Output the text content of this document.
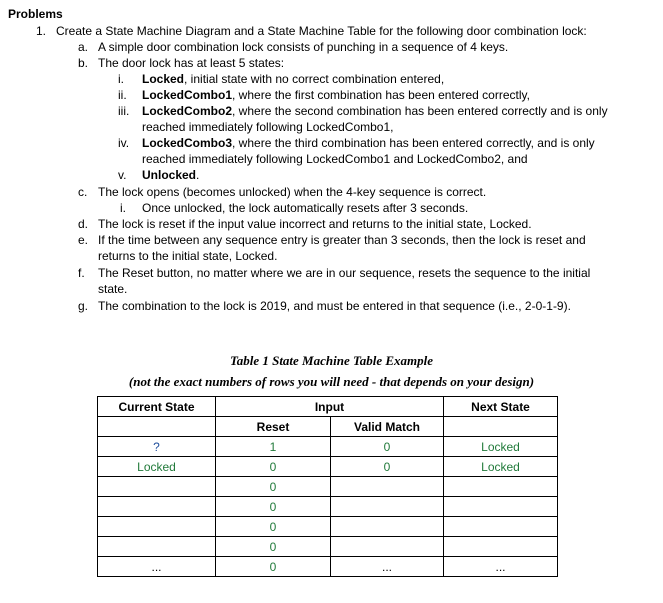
Problems
1. Create a State Machine Diagram and a State Machine Table for the following door combination lock:
a. A simple door combination lock consists of punching in a sequence of 4 keys.
b. The door lock has at least 5 states:
i. Locked, initial state with no correct combination entered,
ii. LockedCombo1, where the first combination has been entered correctly,
iii. LockedCombo2, where the second combination has been entered correctly and is only
reached immediately following LockedCombo1,
iv. LockedCombo3, where the third combination has been entered correctly, and is only
reached immediately following LockedCombo1 and LockedCombo2, and
v. Unlocked.
c. The lock opens (becomes unlocked) when the 4-key sequence is correct.
i. Once unlocked, the lock automatically resets after 3 seconds.
d. The lock is reset if the input value incorrect and returns to the initial state, Locked.
e. If the time between any sequence entry is greater than 3 seconds, then the lock is reset and
returns to the initial state, Locked.
f. The Reset button, no matter where we are in our sequence, resets the sequence to the initial
state.
g. The combination to the lock is 2019, and must be entered in that sequence (i.e., 2-0-1-9).
Table 1 State Machine Table Example
(not the exact numbers of rows you will need - that depends on your design)
Current State	Input		Next State
	Reset	Valid Match	
?	1	0	Locked
Locked	0	0	Locked
	0		
	0		
	0		
	0		
...	0	...	...
